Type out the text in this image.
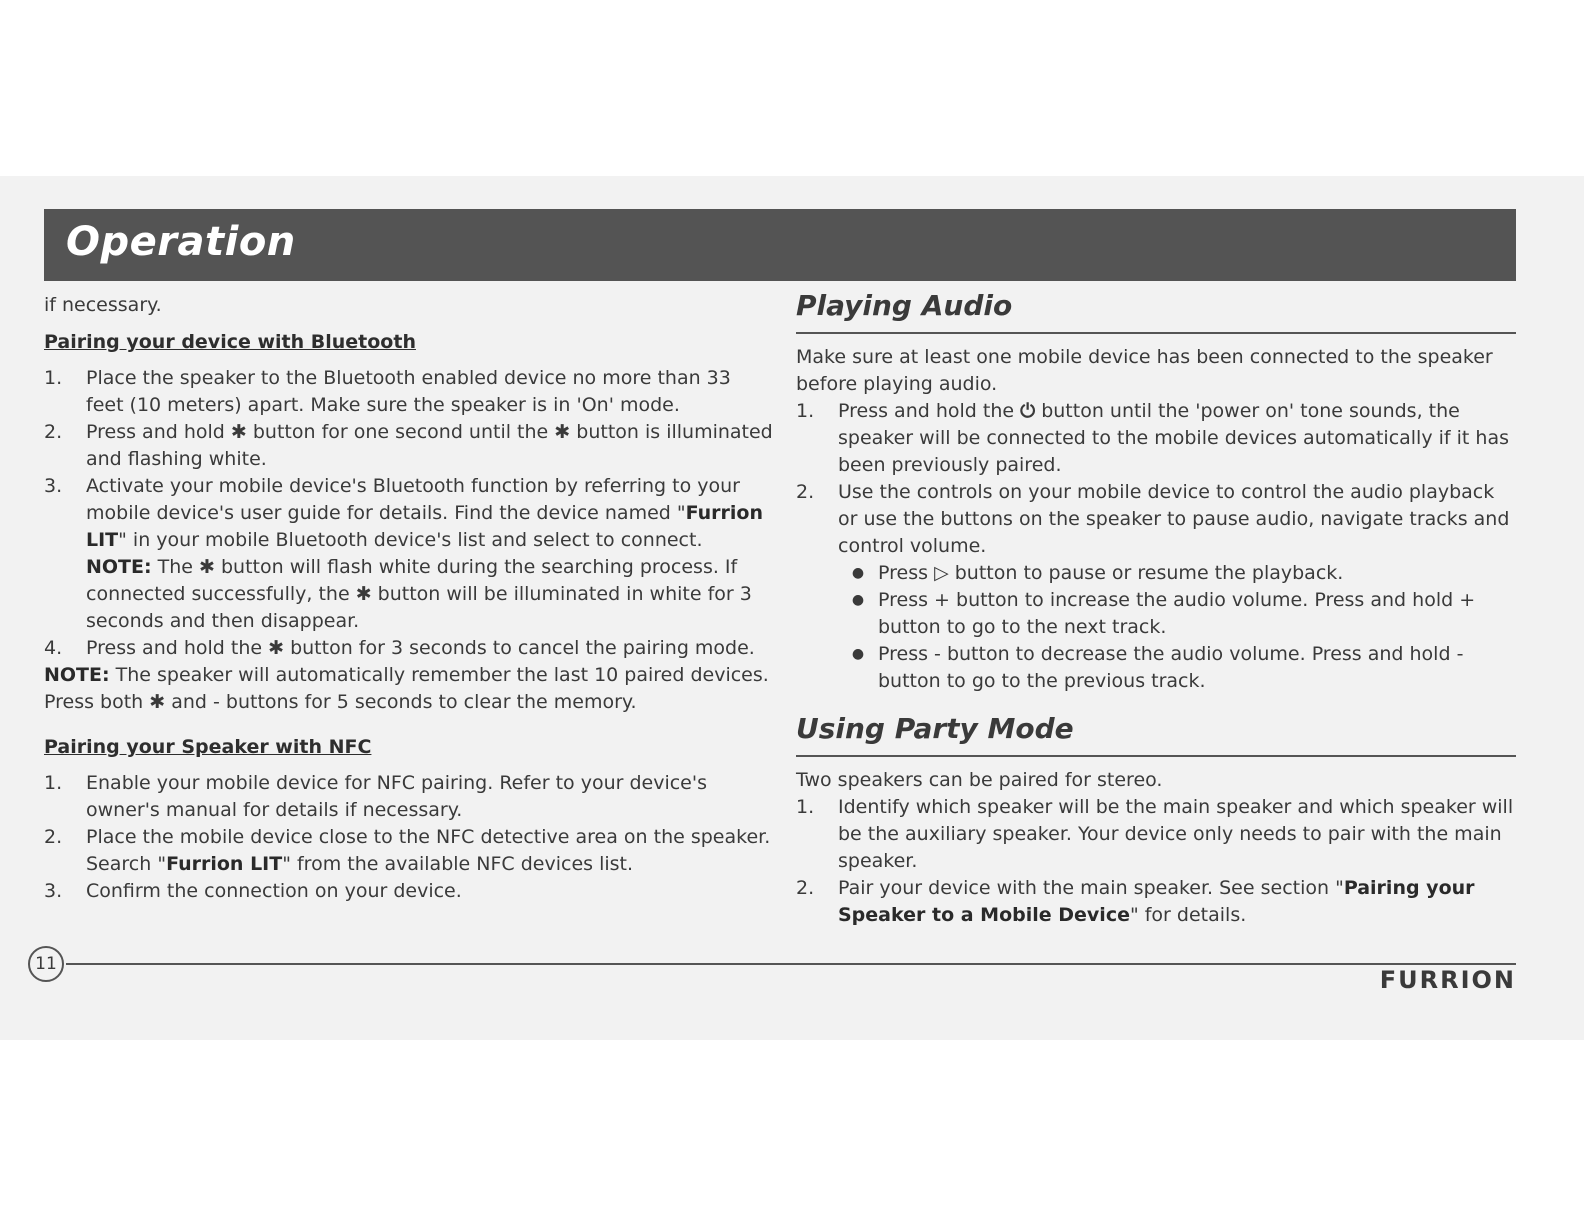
Operation

if necessary.

Pairing your device with Bluetooth

1.	Place the speaker to the Bluetooth enabled device no more than 33 feet (10 meters) apart. Make sure the speaker is in 'On' mode.
2.	Press and hold ✱ button for one second until the ✱ button is illuminated and flashing white.
3.	Activate your mobile device's Bluetooth function by referring to your mobile device's user guide for details. Find the device named "Furrion LIT" in your mobile Bluetooth device's list and select to connect.
NOTE: The ✱ button will flash white during the searching process. If connected successfully, the ✱ button will be illuminated in white for 3 seconds and then disappear.
4.	Press and hold the ✱ button for 3 seconds to cancel the pairing mode.

NOTE: The speaker will automatically remember the last 10 paired devices. Press both ✱ and - buttons for 5 seconds to clear the memory.

Pairing your Speaker with NFC

1.	Enable your mobile device for NFC pairing. Refer to your device's owner's manual for details if necessary.
2.	Place the mobile device close to the NFC detective area on the speaker. Search "Furrion LIT" from the available NFC devices list.
3.	Confirm the connection on your device.
Playing Audio

Make sure at least one mobile device has been connected to the speaker before playing audio.

1.	Press and hold the ⏻ button until the 'power on' tone sounds, the speaker will be connected to the mobile devices automatically if it has been previously paired.
2.	Use the controls on your mobile device to control the audio playback or use the buttons on the speaker to pause audio, navigate tracks and control volume.
● Press ▷ button to pause or resume the playback.
● Press + button to increase the audio volume. Press and hold + button to go to the next track.
● Press - button to decrease the audio volume. Press and hold - button to go to the previous track.
Using Party Mode

Two speakers can be paired for stereo.

1.	Identify which speaker will be the main speaker and which speaker will be the auxiliary speaker. Your device only needs to pair with the main speaker.
2.	Pair your device with the main speaker. See section "Pairing your Speaker to a Mobile Device" for details.
11
FURRION
